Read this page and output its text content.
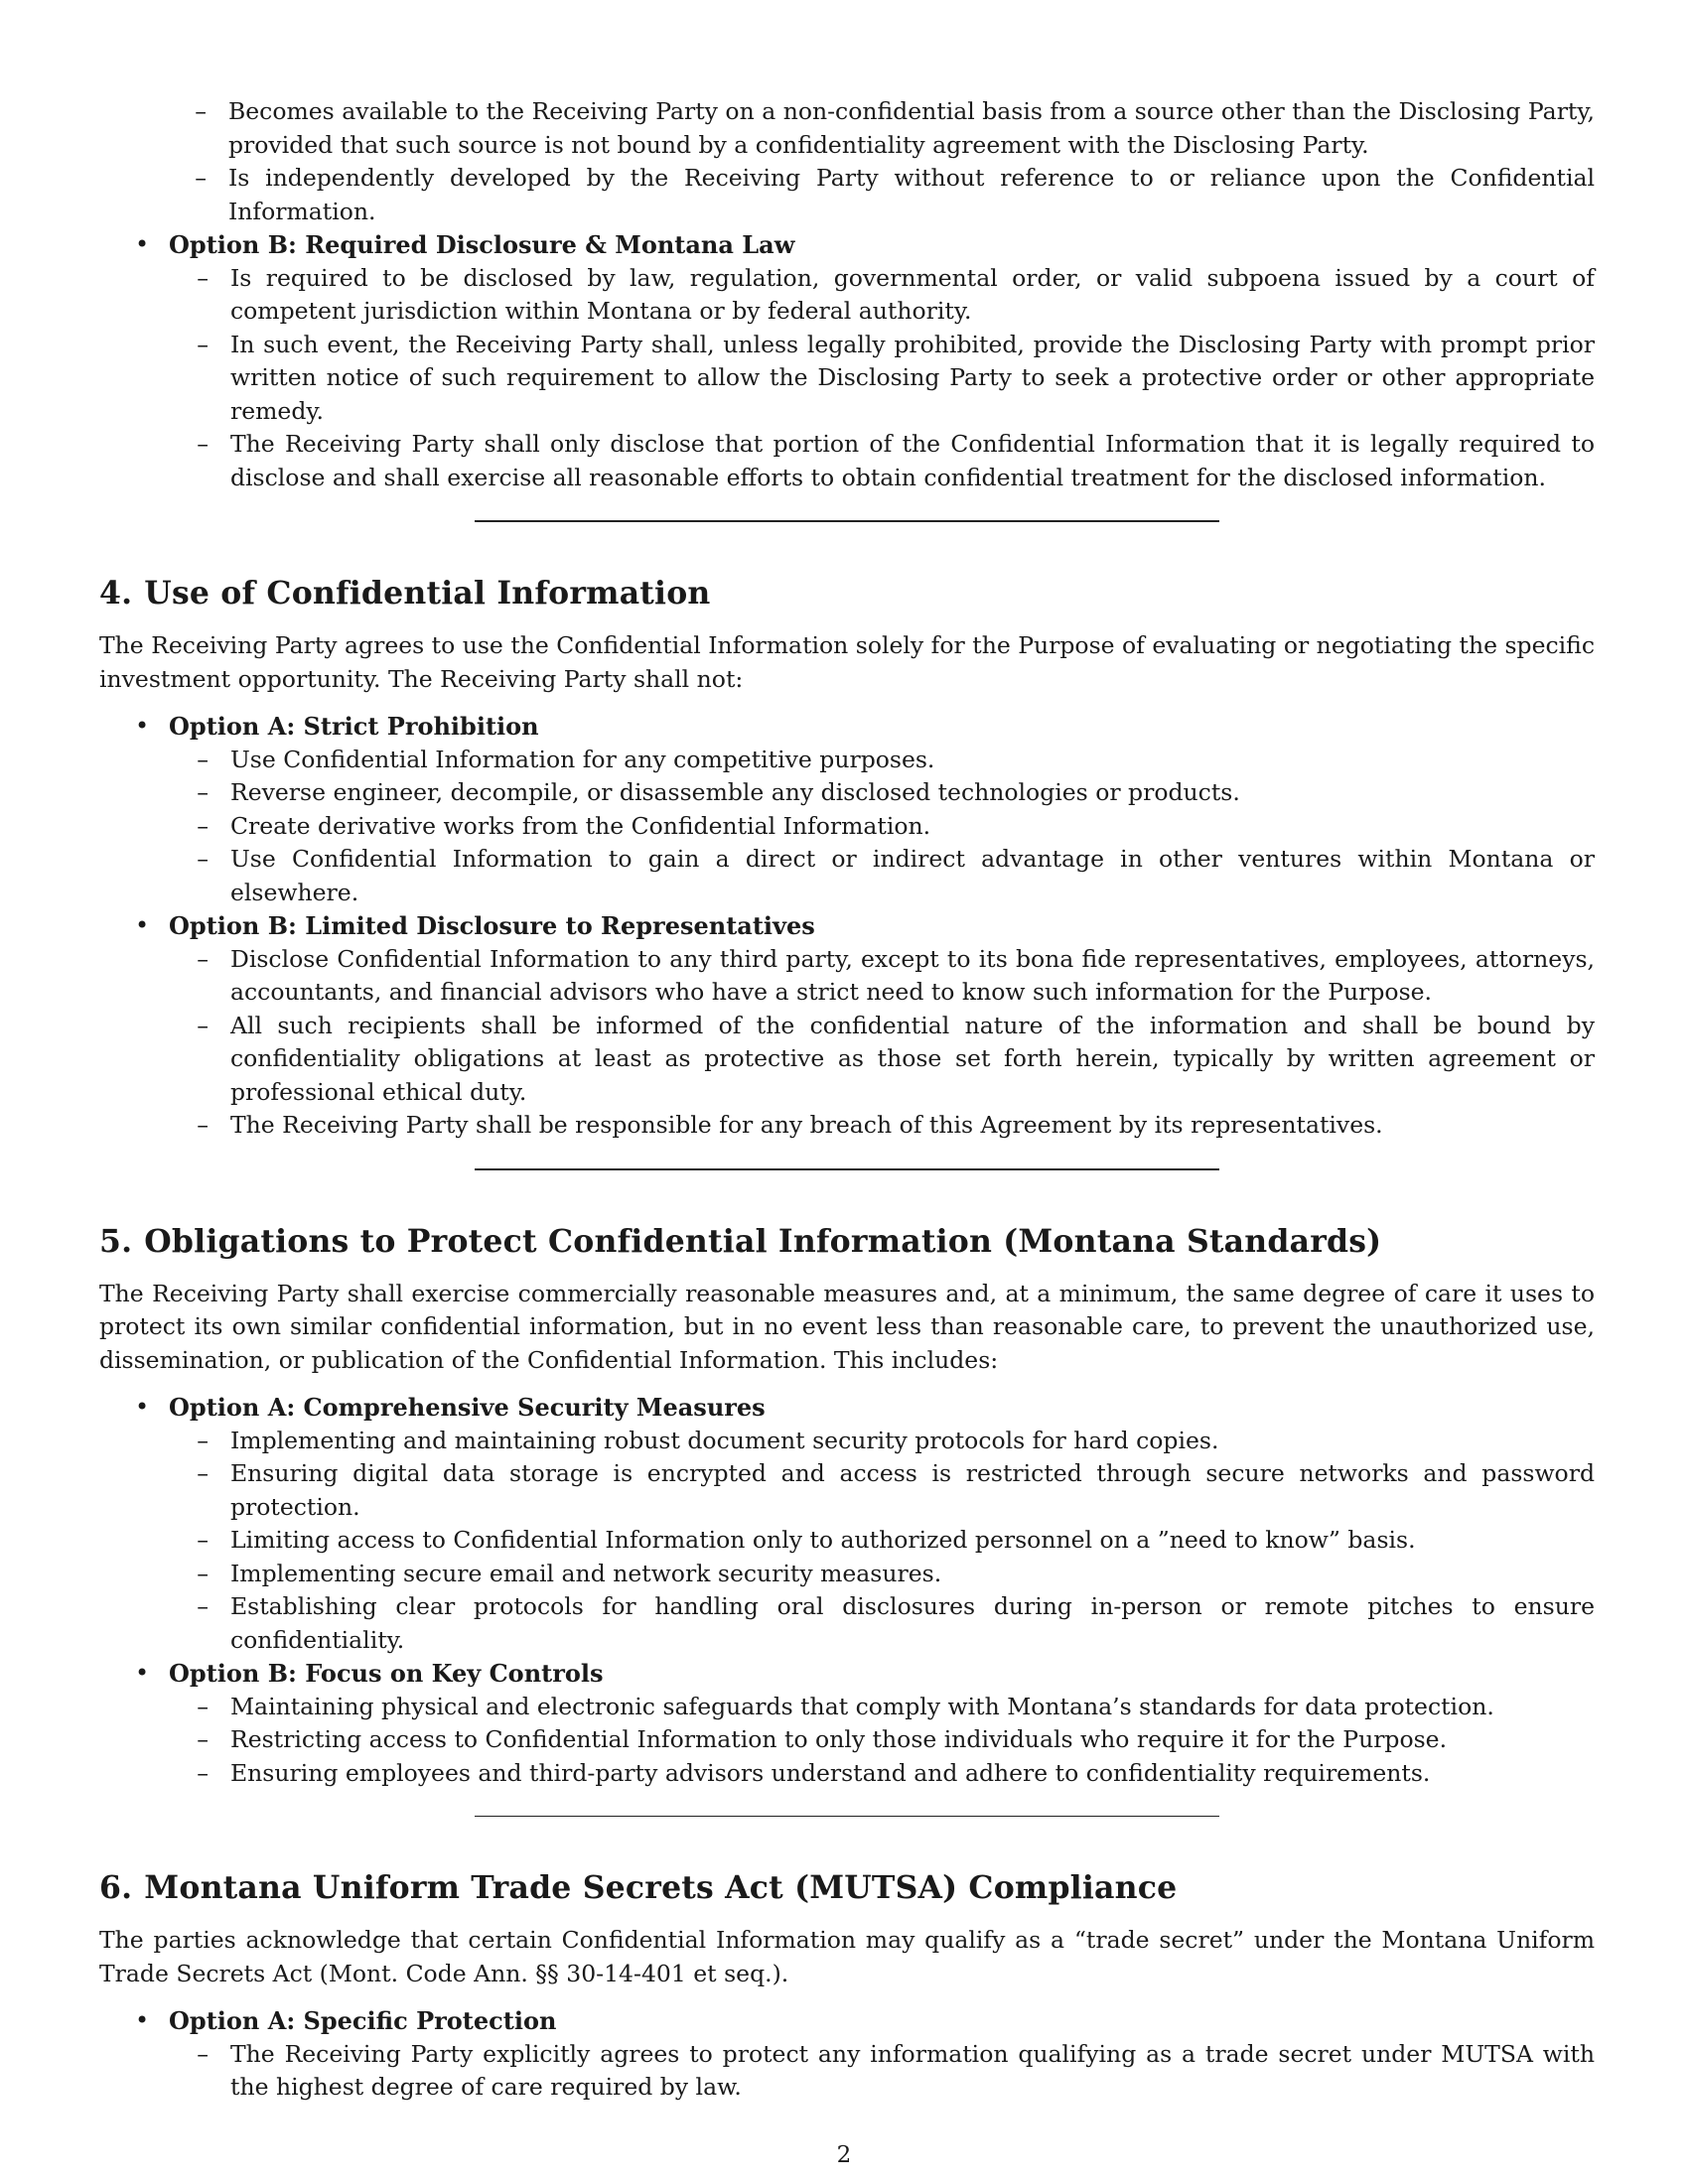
– Becomes available to the Receiving Party on a non-confidential basis from a source other than the Disclosing Party, provided that such source is not bound by a confidentiality agreement with the Disclosing Party.
– Is independently developed by the Receiving Party without reference to or reliance upon the Confidential Information.
• Option B: Required Disclosure & Montana Law
– Is required to be disclosed by law, regulation, governmental order, or valid subpoena issued by a court of competent jurisdiction within Montana or by federal authority.
– In such event, the Receiving Party shall, unless legally prohibited, provide the Disclosing Party with prompt prior written notice of such requirement to allow the Disclosing Party to seek a protective order or other appropriate remedy.
– The Receiving Party shall only disclose that portion of the Confidential Information that it is legally required to disclose and shall exercise all reasonable efforts to obtain confidential treatment for the disclosed information.
4. Use of Confidential Information

The Receiving Party agrees to use the Confidential Information solely for the Purpose of evaluating or negotiating the specific investment opportunity. The Receiving Party shall not:

• Option A: Strict Prohibition
– Use Confidential Information for any competitive purposes.
– Reverse engineer, decompile, or disassemble any disclosed technologies or products.
– Create derivative works from the Confidential Information.
– Use Confidential Information to gain a direct or indirect advantage in other ventures within Montana or elsewhere.
• Option B: Limited Disclosure to Representatives
– Disclose Confidential Information to any third party, except to its bona fide representatives, employees, attorneys, accountants, and financial advisors who have a strict need to know such information for the Purpose.
– All such recipients shall be informed of the confidential nature of the information and shall be bound by confidentiality obligations at least as protective as those set forth herein, typically by written agreement or professional ethical duty.
– The Receiving Party shall be responsible for any breach of this Agreement by its representatives.
5. Obligations to Protect Confidential Information (Montana Standards)

The Receiving Party shall exercise commercially reasonable measures and, at a minimum, the same degree of care it uses to protect its own similar confidential information, but in no event less than reasonable care, to prevent the unauthorized use, dissemination, or publication of the Confidential Information. This includes:

• Option A: Comprehensive Security Measures
– Implementing and maintaining robust document security protocols for hard copies.
– Ensuring digital data storage is encrypted and access is restricted through secure networks and password protection.
– Limiting access to Confidential Information only to authorized personnel on a ”need to know” basis.
– Implementing secure email and network security measures.
– Establishing clear protocols for handling oral disclosures during in-person or remote pitches to ensure confidentiality.
• Option B: Focus on Key Controls
– Maintaining physical and electronic safeguards that comply with Montana’s standards for data protection.
– Restricting access to Confidential Information to only those individuals who require it for the Purpose.
– Ensuring employees and third-party advisors understand and adhere to confidentiality requirements.
6. Montana Uniform Trade Secrets Act (MUTSA) Compliance

The parties acknowledge that certain Confidential Information may qualify as a “trade secret” under the Montana Uniform Trade Secrets Act (Mont. Code Ann. §§ 30-14-401 et seq.).

• Option A: Specific Protection
– The Receiving Party explicitly agrees to protect any information qualifying as a trade secret under MUTSA with the highest degree of care required by law.
2
